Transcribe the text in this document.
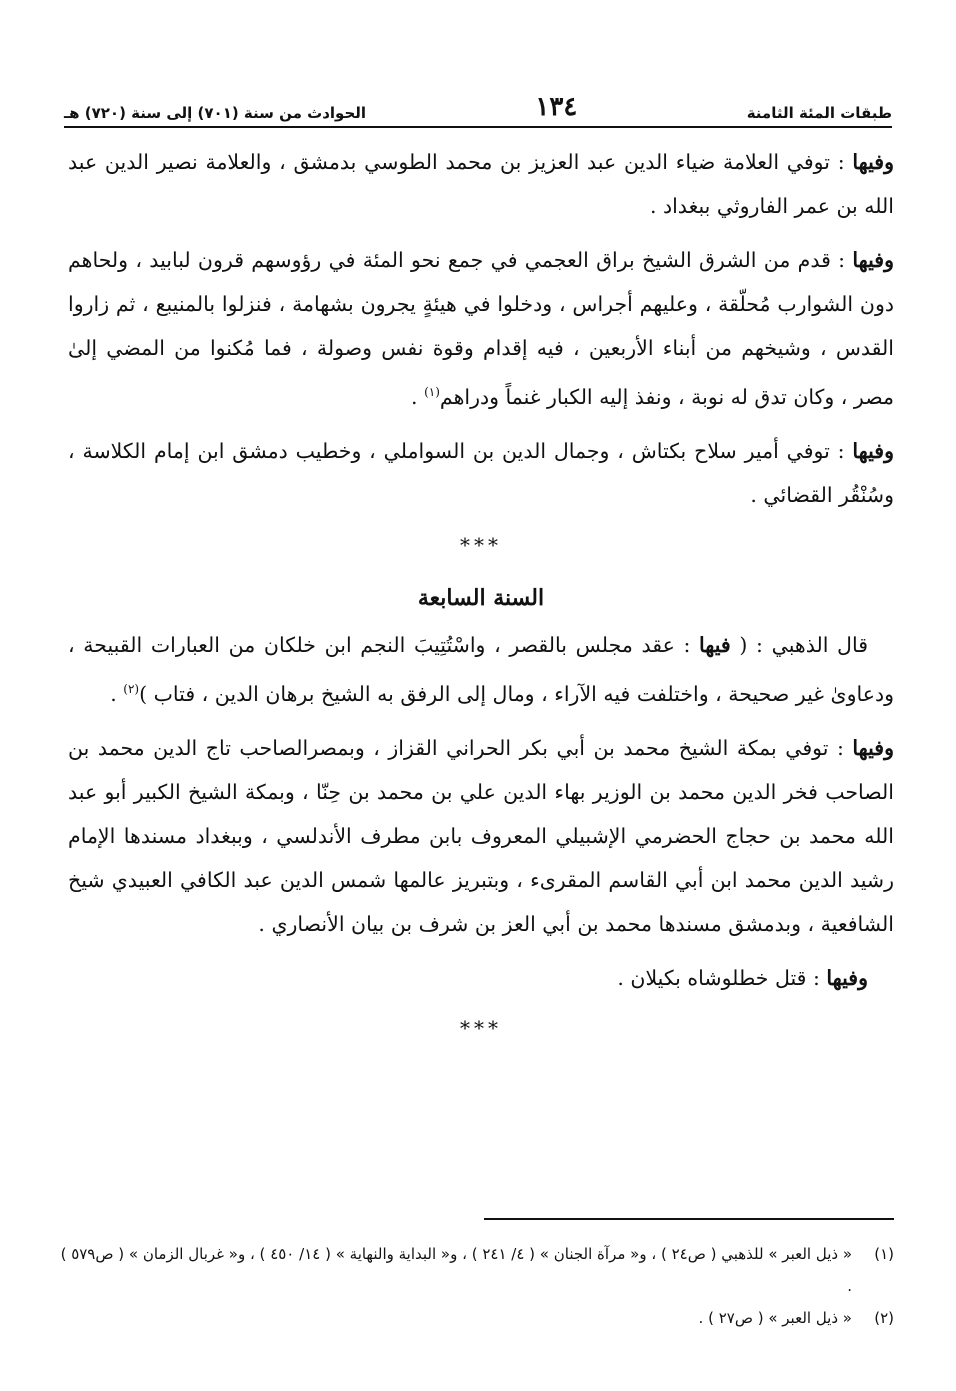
طبقات المئة الثامنة
١٣٤
الحوادث من سنة (٧٠١) إلى سنة (٧٢٠) هـ

وفيها : توفي العلامة ضياء الدين عبد العزيز بن محمد الطوسي بدمشق ، والعلامة نصير الدين عبد الله بن عمر الفاروثي ببغداد .

وفيها : قدم من الشرق الشيخ براق العجمي في جمع نحو المئة في رؤوسهم قرون لبابيد ، ولحاهم دون الشوارب مُحلّقة ، وعليهم أجراس ، ودخلوا في هيئةٍ يجرون بشهامة ، فنزلوا بالمنيبع ، ثم زاروا القدس ، وشيخهم من أبناء الأربعين ، فيه إقدام وقوة نفس وصولة ، فما مُكنوا من المضي إلىٰ مصر ، وكان تدق له نوبة ، ونفذ إليه الكبار غنماً ودراهم$^{(١)}$ .

وفيها : توفي أمير سلاح بكتاش ، وجمال الدين بن السواملي ، وخطيب دمشق ابن إمام الكلاسة ، وسُنْقُر القضائي .

***
السنة السابعة

قال الذهبي : ( فيها : عقد مجلس بالقصر ، واسْتُتِيبَ النجم ابن خلكان من العبارات القبيحة ، ودعاوىٰ غير صحيحة ، واختلفت فيه الآراء ، ومال إلى الرفق به الشيخ برهان الدين ، فتاب )$^{(٢)}$ .

وفيها : توفي بمكة الشيخ محمد بن أبي بكر الحراني القزاز ، وبمصرالصاحب تاج الدين محمد بن الصاحب فخر الدين محمد بن الوزير بهاء الدين علي بن محمد بن حِنّا ، وبمكة الشيخ الكبير أبو عبد الله محمد بن حجاج الحضرمي الإشبيلي المعروف بابن مطرف الأندلسي ، وببغداد مسندها الإمام رشيد الدين محمد ابن أبي القاسم المقرىء ، وبتبريز عالمها شمس الدين عبد الكافي العبيدي شيخ الشافعية ، وبدمشق مسندها محمد بن أبي العز بن شرف بن بيان الأنصاري .

وفيها : قتل خطلوشاه بكيلان .

***
(١)
« ذيل العبر » للذهبي ( ص٢٤ ) ، و« مرآة الجنان » ( ٤/ ٢٤١ ) ، و« البداية والنهاية » ( ١٤/ ٤٥٠ ) ، و« غربال الزمان » ( ص٥٧٩ ) .
(٢)
« ذيل العبر » ( ص٢٧ ) .
